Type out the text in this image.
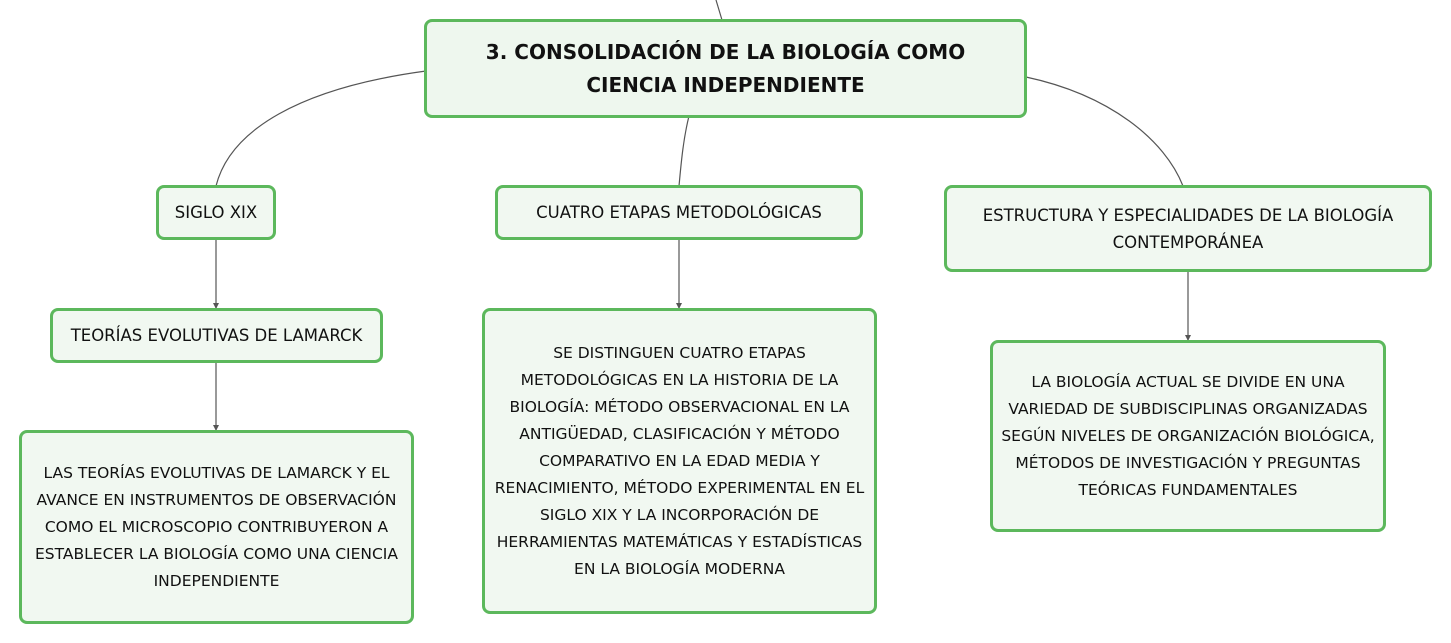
3. CONSOLIDACIÓN DE LA BIOLOGÍA COMO CIENCIA INDEPENDIENTE
SIGLO XIX	CUATRO ETAPAS METODOLÓGICAS	ESTRUCTURA Y ESPECIALIDADES DE LA BIOLOGÍA CONTEMPORÁNEA
TEORÍAS EVOLUTIVAS DE LAMARCK
LAS TEORÍAS EVOLUTIVAS DE LAMARCK Y EL AVANCE EN INSTRUMENTOS DE OBSERVACIÓN COMO EL MICROSCOPIO CONTRIBUYERON A ESTABLECER LA BIOLOGÍA COMO UNA CIENCIA INDEPENDIENTE
SE DISTINGUEN CUATRO ETAPAS METODOLÓGICAS EN LA HISTORIA DE LA BIOLOGÍA: MÉTODO OBSERVACIONAL EN LA ANTIGÜEDAD, CLASIFICACIÓN Y MÉTODO COMPARATIVO EN LA EDAD MEDIA Y RENACIMIENTO, MÉTODO EXPERIMENTAL EN EL SIGLO XIX Y LA INCORPORACIÓN DE HERRAMIENTAS MATEMÁTICAS Y ESTADÍSTICAS EN LA BIOLOGÍA MODERNA
LA BIOLOGÍA ACTUAL SE DIVIDE EN UNA VARIEDAD DE SUBDISCIPLINAS ORGANIZADAS SEGÚN NIVELES DE ORGANIZACIÓN BIOLÓGICA, MÉTODOS DE INVESTIGACIÓN Y PREGUNTAS TEÓRICAS FUNDAMENTALES
